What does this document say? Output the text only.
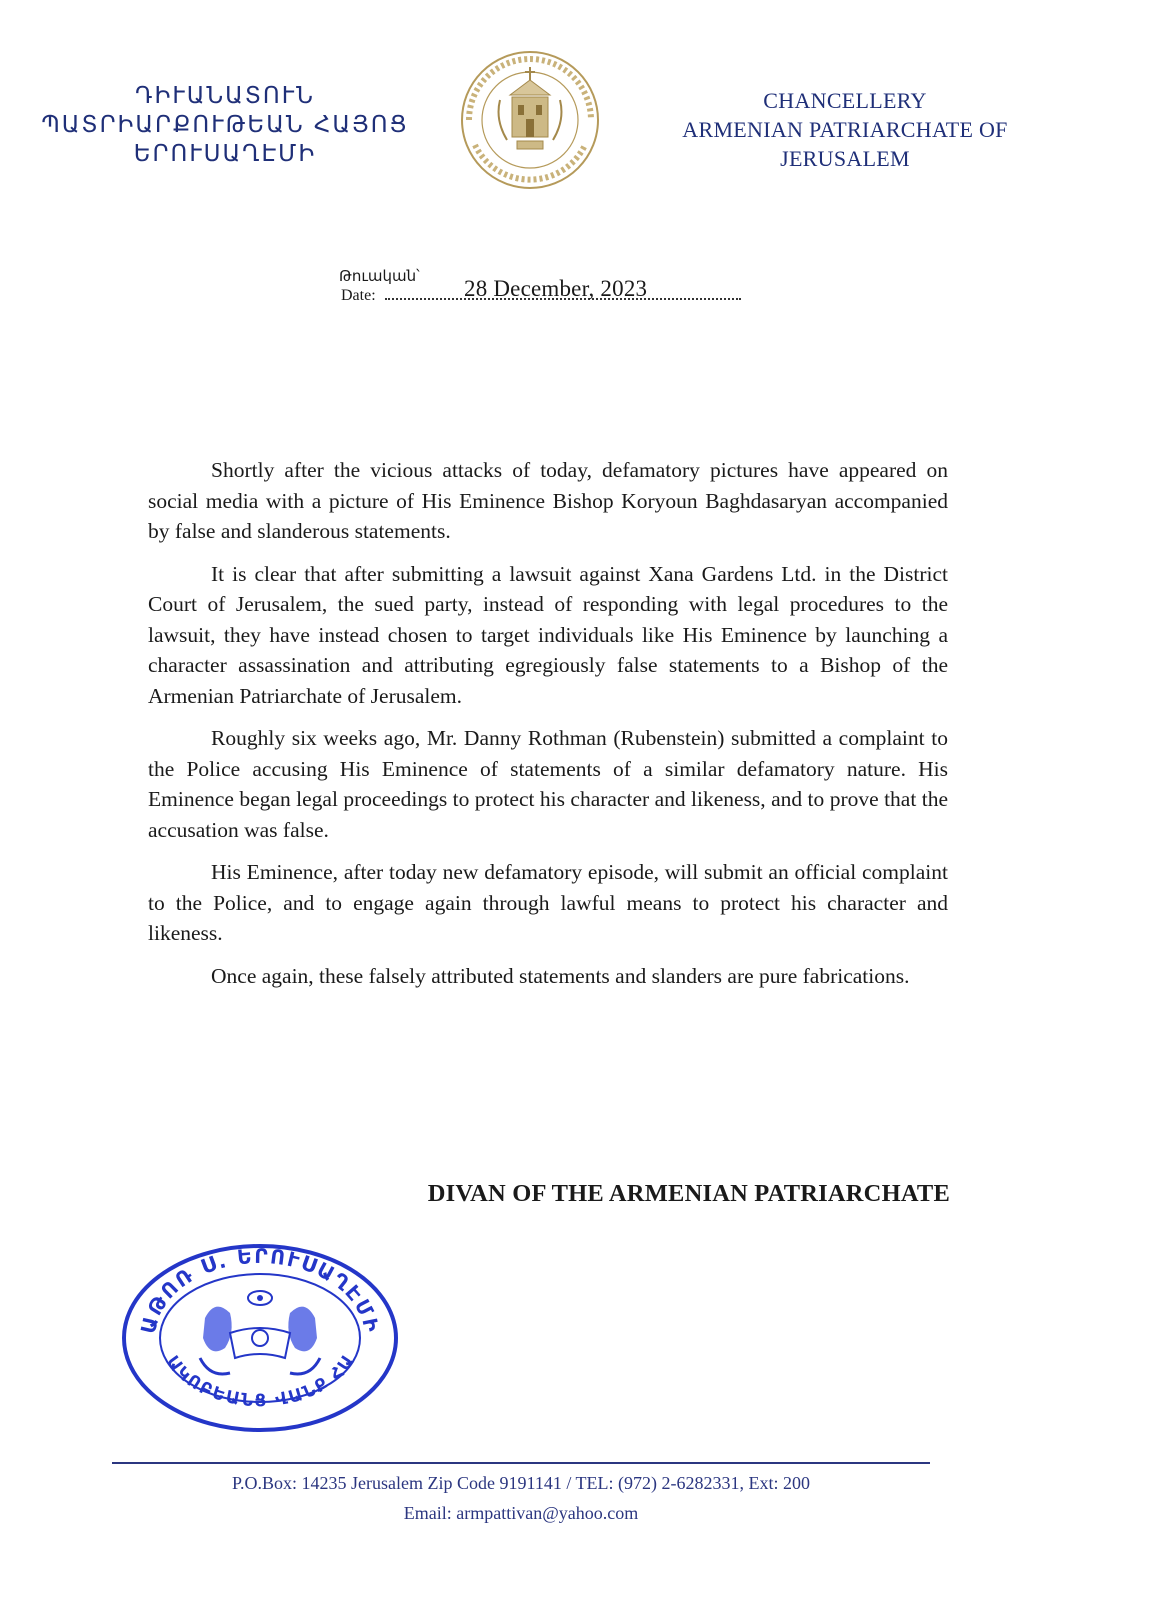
ԴԻՒԱՆԱՏՈՒՆ
ՊԱՏՐԻԱՐՔՈՒԹԵԱՆ ՀԱՅՈՑ
ԵՐՈՒՍԱՂԷՄԻ
CHANCELLERY
ARMENIAN PATRIARCHATE OF
JERUSALEM
Թուական՝
Date:	28 December, 2023

Shortly after the vicious attacks of today, defamatory pictures have appeared on social media with a picture of His Eminence Bishop Koryoun Baghdasaryan accompanied by false and slanderous statements.

It is clear that after submitting a lawsuit against Xana Gardens Ltd. in the District Court of Jerusalem, the sued party, instead of responding with legal procedures to the lawsuit, they have instead chosen to target individuals like His Eminence by launching a character assassination and attributing egregiously false statements to a Bishop of the Armenian Patriarchate of Jerusalem.

Roughly six weeks ago, Mr. Danny Rothman (Rubenstein) submitted a complaint to the Police accusing His Eminence of statements of a similar defamatory nature. His Eminence began legal proceedings to protect his character and likeness, and to prove that the accusation was false.

His Eminence, after today new defamatory episode, will submit an official complaint to the Police, and to engage again through lawful means to protect his character and likeness.

Once again, these falsely attributed statements and slanders are pure fabrications.

DIVAN OF THE ARMENIAN PATRIARCHATE
ԱԹՈՌ Ս. ԵՐՈՒՍԱՂԷՄԻ
ԱԿՈԲԵԱՆՑ ՎԱՆՔ ՀԱ
P.O.Box: 14235 Jerusalem Zip Code 9191141 / TEL: (972) 2-6282331, Ext: 200
Email: armpattivan@yahoo.com
